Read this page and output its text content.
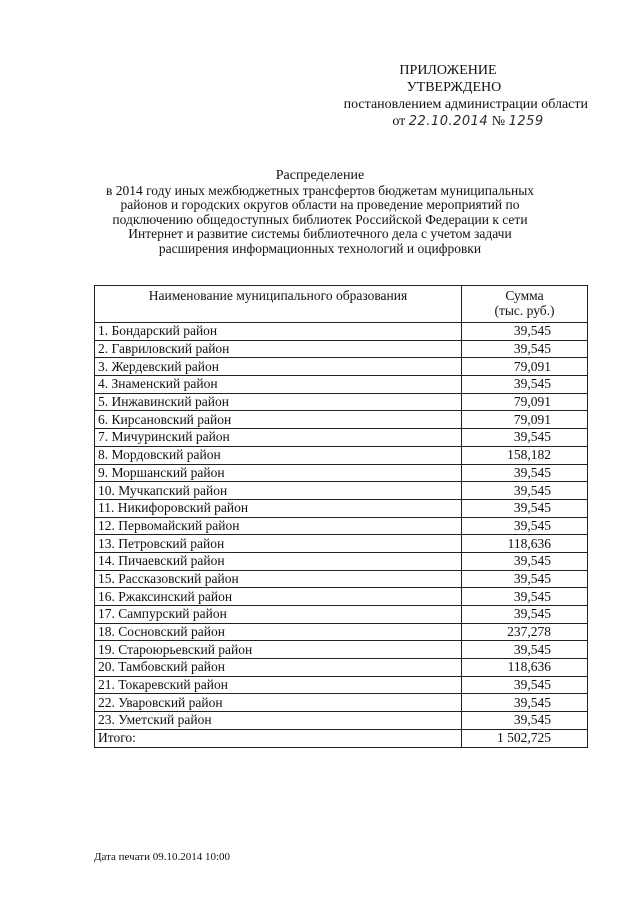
ПРИЛОЖЕНИЕ
УТВЕРЖДЕНО
постановлением администрации области
от 22.10.2014 № 1259
Распределение
в 2014 году иных межбюджетных трансфертов бюджетам муниципальных
районов и городских округов области на проведение мероприятий по
подключению общедоступных библиотек Российской Федерации к сети
Интернет и развитие системы библиотечного дела с учетом задачи
расширения информационных технологий и оцифровки
Наименование муниципального образования	Сумма
(тыс. руб.)

1. Бондарский район	39,545
2. Гавриловский район	39,545
3. Жердевский район	79,091
4. Знаменский район	39,545
5. Инжавинский район	79,091
6. Кирсановский район	79,091
7. Мичуринский район	39,545
8. Мордовский район	158,182
9. Моршанский район	39,545
10. Мучкапский район	39,545
11. Никифоровский район	39,545
12. Первомайский район	39,545
13. Петровский район	118,636
14. Пичаевский район	39,545
15. Рассказовский район	39,545
16. Ржаксинский район	39,545
17. Сампурский район	39,545
18. Сосновский район	237,278
19. Староюрьевский район	39,545
20. Тамбовский район	118,636
21. Токаревский район	39,545
22. Уваровский район	39,545
23. Уметский район	39,545
Итого:	1 502,725
Дата печати 09.10.2014 10:00
